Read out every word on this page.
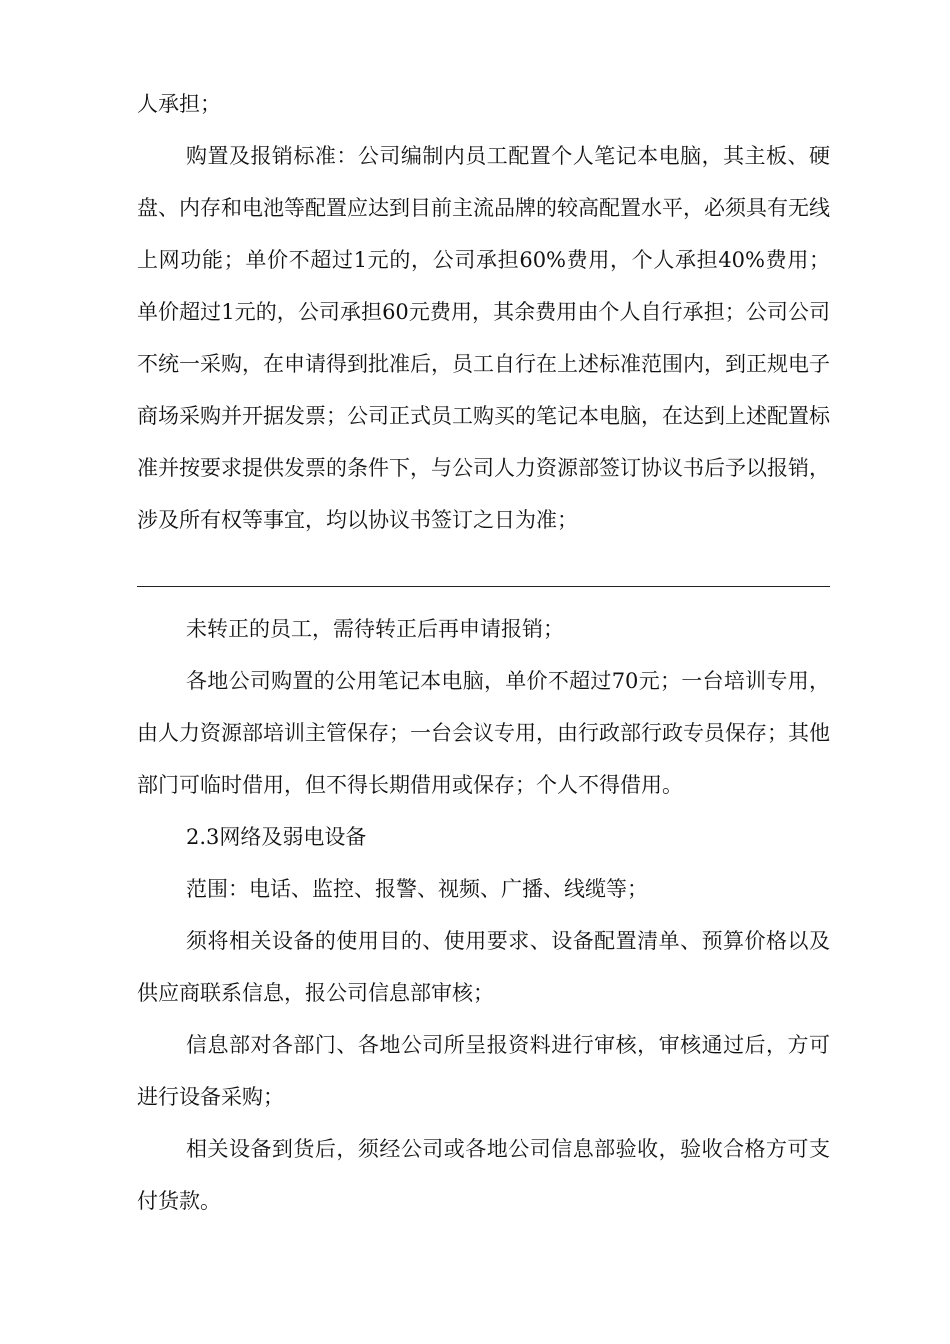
人承担；

购置及报销标准：公司编制内员工配置个人笔记本电脑，其主板、硬盘、内存和电池等配置应达到目前主流品牌的较高配置水平，必须具有无线上网功能；单价不超过1元的，公司承担60%费用，个人承担40%费用；单价超过1元的，公司承担60元费用，其余费用由个人自行承担；公司公司不统一采购，在申请得到批准后，员工自行在上述标准范围内，到正规电子商场采购并开据发票；公司正式员工购买的笔记本电脑，在达到上述配置标准并按要求提供发票的条件下，与公司人力资源部签订协议书后予以报销，涉及所有权等事宜，均以协议书签订之日为准；

未转正的员工，需待转正后再申请报销；

各地公司购置的公用笔记本电脑，单价不超过70元；一台培训专用，由人力资源部培训主管保存；一台会议专用，由行政部行政专员保存；其他部门可临时借用，但不得长期借用或保存；个人不得借用。

2.3网络及弱电设备

范围：电话、监控、报警、视频、广播、线缆等；

须将相关设备的使用目的、使用要求、设备配置清单、预算价格以及供应商联系信息，报公司信息部审核；

信息部对各部门、各地公司所呈报资料进行审核，审核通过后，方可进行设备采购；

相关设备到货后，须经公司或各地公司信息部验收，验收合格方可支付货款。
